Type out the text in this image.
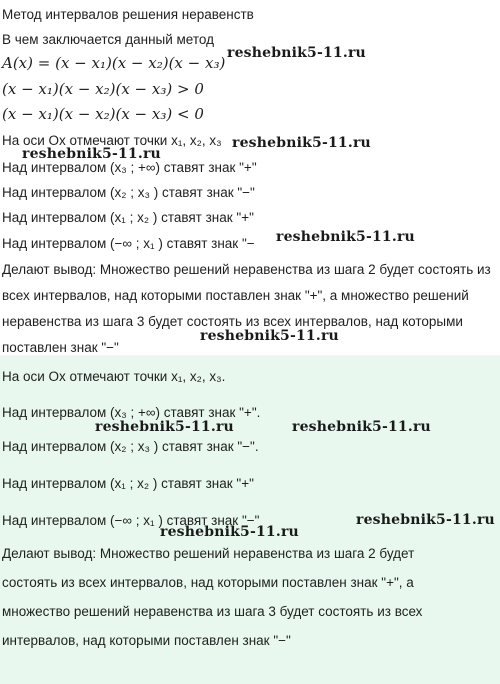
Метод интервалов решения неравенств
В чем заключается данный метод
A(x) = (x − x₁)(x − x₂)(x − x₃)
(x − x₁)(x − x₂)(x − x₃) > 0
(x − x₁)(x − x₂)(x − x₃) < 0
На оси Ox отмечают точки x₁, x₂, x₃
Над интервалом (x₃ ; +∞) ставят знак "+"
Над интервалом (x₂ ; x₃ ) ставят знак "−"
Над интервалом (x₁ ; x₂ ) ставят знак "+"
Над интервалом (−∞ ; x₁ ) ставят знак "−
Делают вывод: Множество решений неравенства из шага 2 будет состоять из
всех интервалов, над которыми поставлен знак "+", а множество решений
неравенства из шага 3 будет состоять из всех интервалов, над которыми
поставлен знак "−"
На оси Ox отмечают точки x₁, x₂, x₃.
Над интервалом (x₃ ; +∞) ставят знак "+".
Над интервалом (x₂ ; x₃ ) ставят знак "−".
Над интервалом (x₁ ; x₂ ) ставят знак "+"
Над интервалом (−∞ ; x₁ ) ставят знак "−"
Делают вывод: Множество решений неравенства из шага 2 будет
состоять из всех интервалов, над которыми поставлен знак "+", а
множество решений неравенства из шага 3 будет состоять из всех
интервалов, над которыми поставлен знак "−"
reshebnik5-11.ru
reshebnik5-11.ru
reshebnik5-11.ru
reshebnik5-11.ru
reshebnik5-11.ru
reshebnik5-11.ru	reshebnik5-11.ru
reshebnik5-11.ru
reshebnik5-11.ru
